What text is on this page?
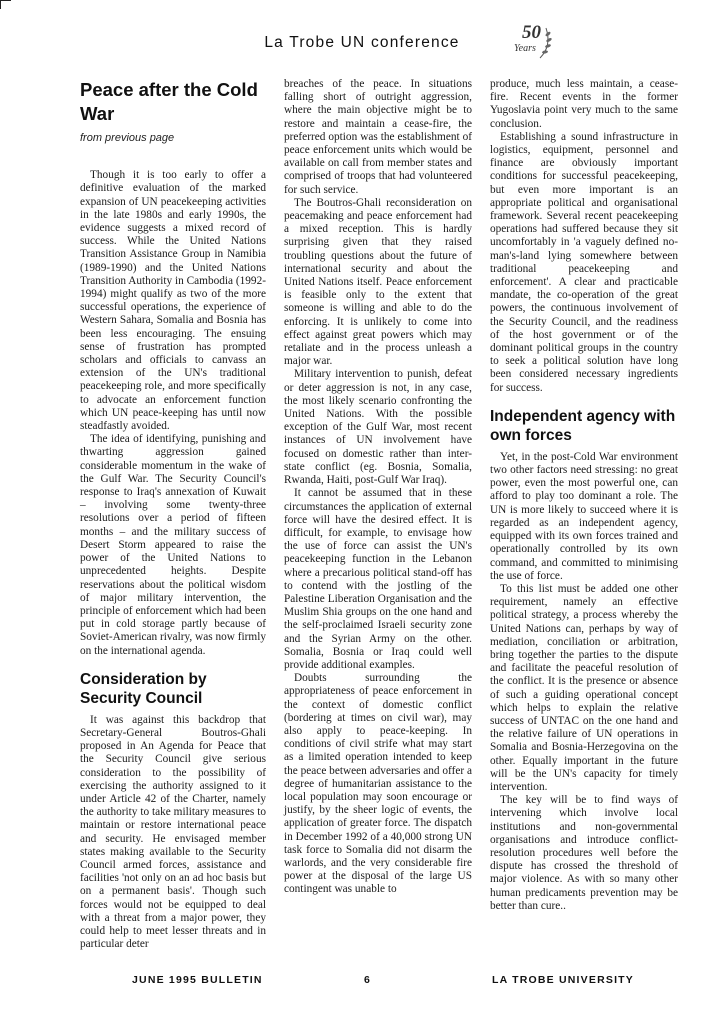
La Trobe UN conference	50
Years
Peace after the Cold War
from previous page

Though it is too early to offer a definitive evaluation of the marked expansion of UN peacekeeping activities in the late 1980s and early 1990s, the evidence suggests a mixed record of success. While the United Nations Transition Assistance Group in Namibia (1989-1990) and the United Nations Transition Authority in Cambodia (1992-1994) might qualify as two of the more successful operations, the experience of Western Sahara, Somalia and Bosnia has been less encouraging. The ensuing sense of frustration has prompted scholars and officials to canvass an extension of the UN's traditional peacekeeping role, and more specifically to advocate an enforcement function which UN peace-keeping has until now steadfastly avoided.

The idea of identifying, punishing and thwarting aggression gained considerable momentum in the wake of the Gulf War. The Security Council's response to Iraq's annexation of Kuwait – involving some twenty-three resolutions over a period of fifteen months – and the military success of Desert Storm appeared to raise the power of the United Nations to unprecedented heights. Despite reservations about the political wisdom of major military intervention, the principle of enforcement which had been put in cold storage partly because of Soviet-American rivalry, was now firmly on the international agenda.

Consideration by Security Council

It was against this backdrop that Secretary-General Boutros-Ghali proposed in An Agenda for Peace that the Security Council give serious consideration to the possibility of exercising the authority assigned to it under Article 42 of the Charter, namely the authority to take military measures to maintain or restore international peace and security. He envisaged member states making available to the Security Council armed forces, assistance and facilities 'not only on an ad hoc basis but on a permanent basis'. Though such forces would not be equipped to deal with a threat from a major power, they could help to meet lesser threats and in particular deter

breaches of the peace. In situations falling short of outright aggression, where the main objective might be to restore and maintain a cease-fire, the preferred option was the establishment of peace enforcement units which would be available on call from member states and comprised of troops that had volunteered for such service.

The Boutros-Ghali reconsideration on peacemaking and peace enforcement had a mixed reception. This is hardly surprising given that they raised troubling questions about the future of international security and about the United Nations itself. Peace enforcement is feasible only to the extent that someone is willing and able to do the enforcing. It is unlikely to come into effect against great powers which may retaliate and in the process unleash a major war.

Military intervention to punish, defeat or deter aggression is not, in any case, the most likely scenario confronting the United Nations. With the possible exception of the Gulf War, most recent instances of UN involvement have focused on domestic rather than inter-state conflict (eg. Bosnia, Somalia, Rwanda, Haiti, post-Gulf War Iraq).

It cannot be assumed that in these circumstances the application of external force will have the desired effect. It is difficult, for example, to envisage how the use of force can assist the UN's peacekeeping function in the Lebanon where a precarious political stand-off has to contend with the jostling of the Palestine Liberation Organisation and the Muslim Shia groups on the one hand and the self-proclaimed Israeli security zone and the Syrian Army on the other. Somalia, Bosnia or Iraq could well provide additional examples.

Doubts surrounding the appropriateness of peace enforcement in the context of domestic conflict (bordering at times on civil war), may also apply to peace-keeping. In conditions of civil strife what may start as a limited operation intended to keep the peace between adversaries and offer a degree of humanitarian assistance to the local population may soon encourage or justify, by the sheer logic of events, the application of greater force. The dispatch in December 1992 of a 40,000 strong UN task force to Somalia did not disarm the warlords, and the very considerable fire power at the disposal of the large US contingent was unable to

produce, much less maintain, a cease-fire. Recent events in the former Yugoslavia point very much to the same conclusion.

Establishing a sound infrastructure in logistics, equipment, personnel and finance are obviously important conditions for successful peacekeeping, but even more important is an appropriate political and organisational framework. Several recent peacekeeping operations had suffered because they sit uncomfortably in 'a vaguely defined no-man's-land lying somewhere between traditional peacekeeping and enforcement'. A clear and practicable mandate, the co-operation of the great powers, the continuous involvement of the Security Council, and the readiness of the host government or of the dominant political groups in the country to seek a political solution have long been considered necessary ingredients for success.

Independent agency with own forces

Yet, in the post-Cold War environment two other factors need stressing: no great power, even the most powerful one, can afford to play too dominant a role. The UN is more likely to succeed where it is regarded as an independent agency, equipped with its own forces trained and operationally controlled by its own command, and committed to minimising the use of force.

To this list must be added one other requirement, namely an effective political strategy, a process whereby the United Nations can, perhaps by way of mediation, conciliation or arbitration, bring together the parties to the dispute and facilitate the peaceful resolution of the conflict. It is the presence or absence of such a guiding operational concept which helps to explain the relative success of UNTAC on the one hand and the relative failure of UN operations in Somalia and Bosnia-Herzegovina on the other. Equally important in the future will be the UN's capacity for timely intervention.

The key will be to find ways of intervening which involve local institutions and non-governmental organisations and introduce conflict-resolution procedures well before the dispute has crossed the threshold of major violence. As with so many other human predicaments prevention may be better than cure..

JUNE 1995 BULLETIN	6	LA TROBE UNIVERSITY
